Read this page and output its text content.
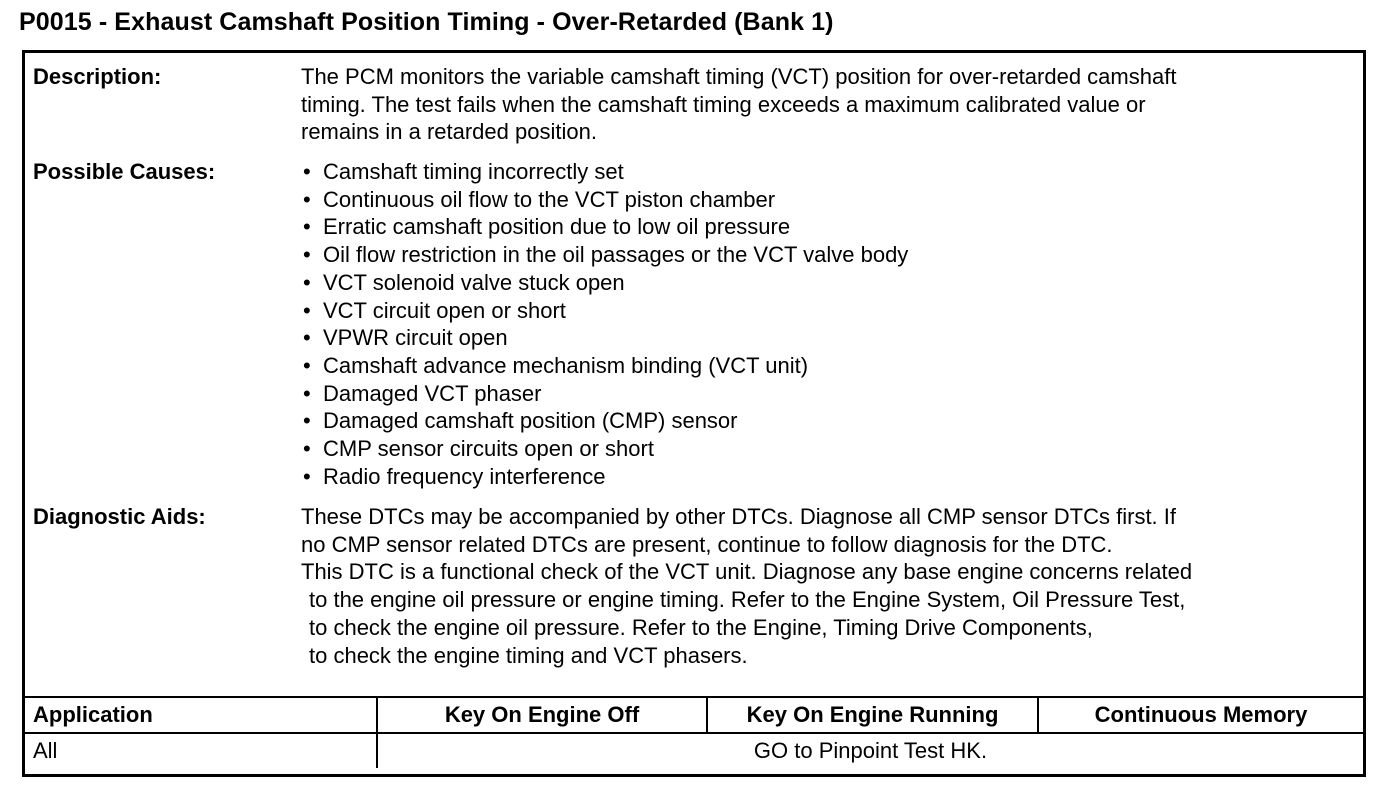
P0015 - Exhaust Camshaft Position Timing - Over-Retarded (Bank 1)
Description:	The PCM monitors the variable camshaft timing (VCT) position for over-retarded camshaft
timing. The test fails when the camshaft timing exceeds a maximum calibrated value or
remains in a retarded position.
Possible Causes:	• Camshaft timing incorrectly set
• Continuous oil flow to the VCT piston chamber
• Erratic camshaft position due to low oil pressure
• Oil flow restriction in the oil passages or the VCT valve body
• VCT solenoid valve stuck open
• VCT circuit open or short
• VPWR circuit open
• Camshaft advance mechanism binding (VCT unit)
• Damaged VCT phaser
• Damaged camshaft position (CMP) sensor
• CMP sensor circuits open or short
• Radio frequency interference
Diagnostic Aids:	These DTCs may be accompanied by other DTCs. Diagnose all CMP sensor DTCs first. If
no CMP sensor related DTCs are present, continue to follow diagnosis for the DTC.
This DTC is a functional check of the VCT unit. Diagnose any base engine concerns related
to the engine oil pressure or engine timing. Refer to the Engine System, Oil Pressure Test,
to check the engine oil pressure. Refer to the Engine, Timing Drive Components,
to check the engine timing and VCT phasers.
Application	Key On Engine Off	Key On Engine Running	Continuous Memory
All	GO to Pinpoint Test HK.		
